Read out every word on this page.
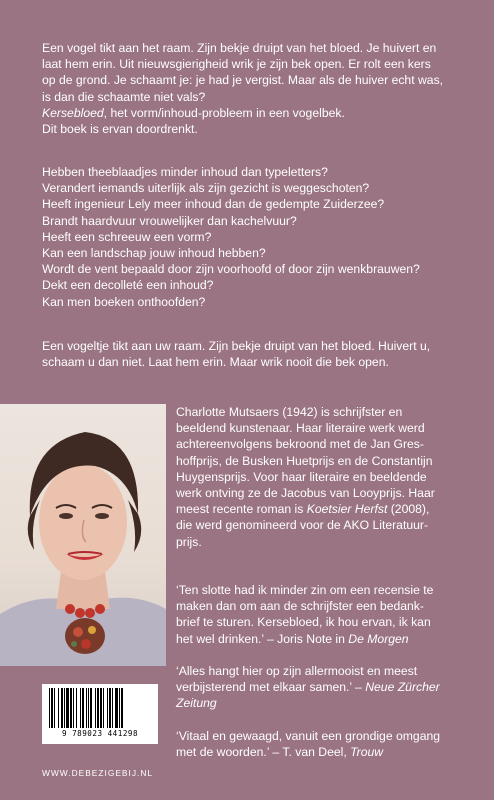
Een vogel tikt aan het raam. Zijn bekje druipt van het bloed. Je huivert en

laat hem erin. Uit nieuwsgierigheid wrik je zijn bek open. Er rolt een kers

op de grond. Je schaamt je: je had je vergist. Maar als de huiver echt was,

is dan die schaamte niet vals?

Kersebloed, het vorm/inhoud-probleem in een vogelbek.

Dit boek is ervan doordrenkt.

Hebben theeblaadjes minder inhoud dan typeletters?

Verandert iemands uiterlijk als zijn gezicht is weggeschoten?

Heeft ingenieur Lely meer inhoud dan de gedempte Zuiderzee?

Brandt haardvuur vrouwelijker dan kachelvuur?

Heeft een schreeuw een vorm?

Kan een landschap jouw inhoud hebben?

Wordt de vent bepaald door zijn voorhoofd of door zijn wenkbrauwen?

Dekt een decolleté een inhoud?

Kan men boeken onthoofden?

Een vogeltje tikt aan uw raam. Zijn bekje druipt van het bloed. Huivert u,

schaam u dan niet. Laat hem erin. Maar wrik nooit die bek open.

Charlotte Mutsaers (1942) is schrijfster en

beeldend kunstenaar. Haar literaire werk werd

achtereenvolgens bekroond met de Jan Gres-

hoffprijs, de Busken Huetprijs en de Constantijn

Huygensprijs. Voor haar literaire en beeldende

werk ontving ze de Jacobus van Looyprijs. Haar

meest recente roman is Koetsier Herfst (2008),

die werd genomineerd voor de AKO Literatuur-

prijs.

‘Ten slotte had ik minder zin om een recensie te

maken dan om aan de schrijfster een bedank-

brief te sturen. Kersebloed, ik hou ervan, ik kan

het wel drinken.’ – Joris Note in De Morgen

‘Alles hangt hier op zijn allermooist en meest

verbijsterend met elkaar samen.’ – Neue Zürcher

Zeitung

‘Vitaal en gewaagd, vanuit een grondige omgang

met de woorden.’ – T. van Deel, Trouw

9 789023 441298
WWW.DEBEZIGEBIJ.NL
